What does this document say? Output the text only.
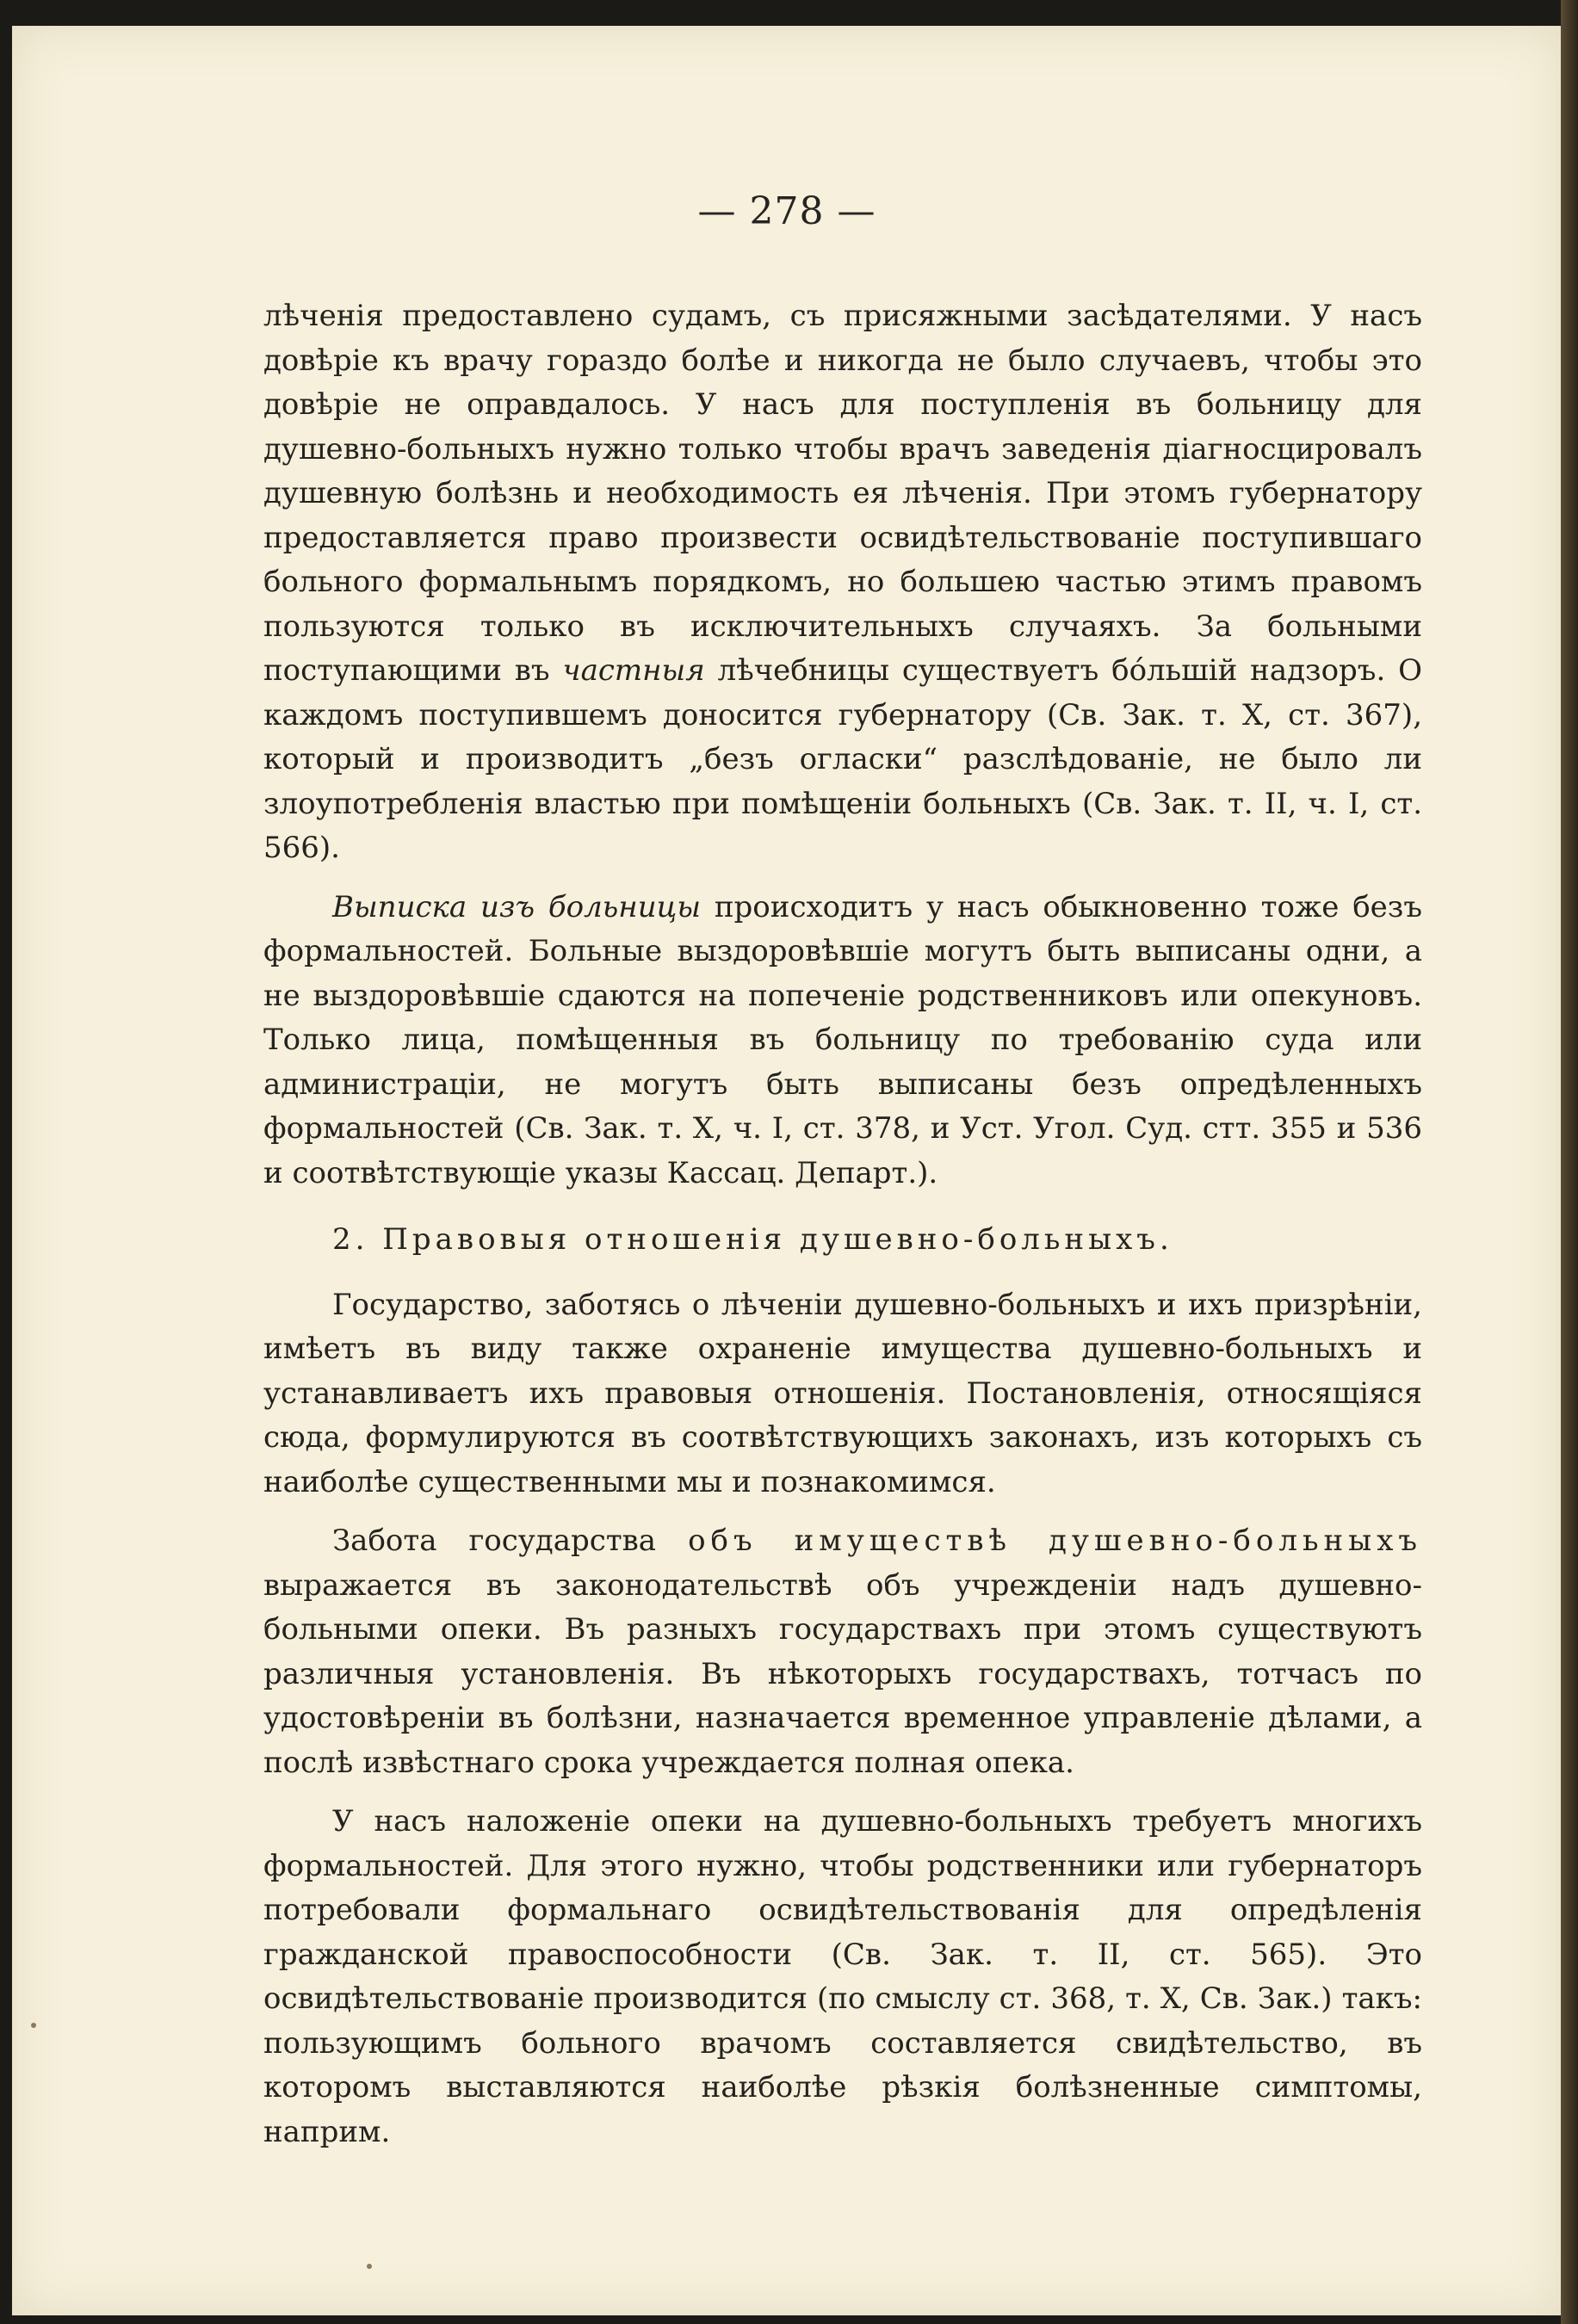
— 278 —

лѣченія предоставлено судамъ, съ присяжными засѣдателями. У насъ довѣріе къ врачу гораздо болѣе и никогда не было случаевъ, чтобы это довѣріе не оправдалось. У насъ для поступленія въ больницу для душевно-больныхъ нужно только чтобы врачъ заведенія діагносцировалъ душевную болѣзнь и необходимость ея лѣченія. При этомъ губернатору предоставляется право произвести освидѣтельствованіе поступившаго больного формальнымъ порядкомъ, но большею частью этимъ правомъ пользуются только въ исключительныхъ случаяхъ. За больными поступающими въ частныя лѣчебницы существуетъ бóльшій надзоръ. О каждомъ поступившемъ доносится губернатору (Св. Зак. т. X, ст. 367), который и производитъ „безъ огласки“ разслѣдованіе, не было ли злоупотребленія властью при помѣщеніи больныхъ (Св. Зак. т. II, ч. I, ст. 566).

Выписка изъ больницы происходитъ у насъ обыкновенно тоже безъ формальностей. Больные выздоровѣвшіе могутъ быть выписаны одни, а не выздоровѣвшіе сдаются на попеченіе родственниковъ или опекуновъ. Только лица, помѣщенныя въ больницу по требованію суда или администраціи, не могутъ быть выписаны безъ опредѣленныхъ формальностей (Св. Зак. т. X, ч. I, ст. 378, и Уст. Угол. Суд. стт. 355 и 536 и соотвѣтствующіе указы Кассац. Департ.).

2. Правовыя отношенія душевно-больныхъ.

Государство, заботясь о лѣченіи душевно-больныхъ и ихъ призрѣніи, имѣетъ въ виду также охраненіе имущества душевно-больныхъ и устанавливаетъ ихъ правовыя отношенія. Постановленія, относящіяся сюда, формулируются въ соотвѣтствующихъ законахъ, изъ которыхъ съ наиболѣе существенными мы и познакомимся.

Забота государства объ имуществѣ душевно-больныхъ выражается въ законодательствѣ объ учрежденіи надъ душевно-больными опеки. Въ разныхъ государствахъ при этомъ существуютъ различныя установленія. Въ нѣкоторыхъ государствахъ, тотчасъ по удостовѣреніи въ болѣзни, назначается временное управленіе дѣлами, а послѣ извѣстнаго срока учреждается полная опека.

У насъ наложеніе опеки на душевно-больныхъ требуетъ многихъ формальностей. Для этого нужно, чтобы родственники или губернаторъ потребовали формальнаго освидѣтельствованія для опредѣленія гражданской правоспособности (Св. Зак. т. II, ст. 565). Это освидѣтельствованіе производится (по смыслу ст. 368, т. X, Св. Зак.) такъ: пользующимъ больного врачомъ составляется свидѣтельство, въ которомъ выставляются наиболѣе рѣзкія болѣзненные симптомы, наприм.
